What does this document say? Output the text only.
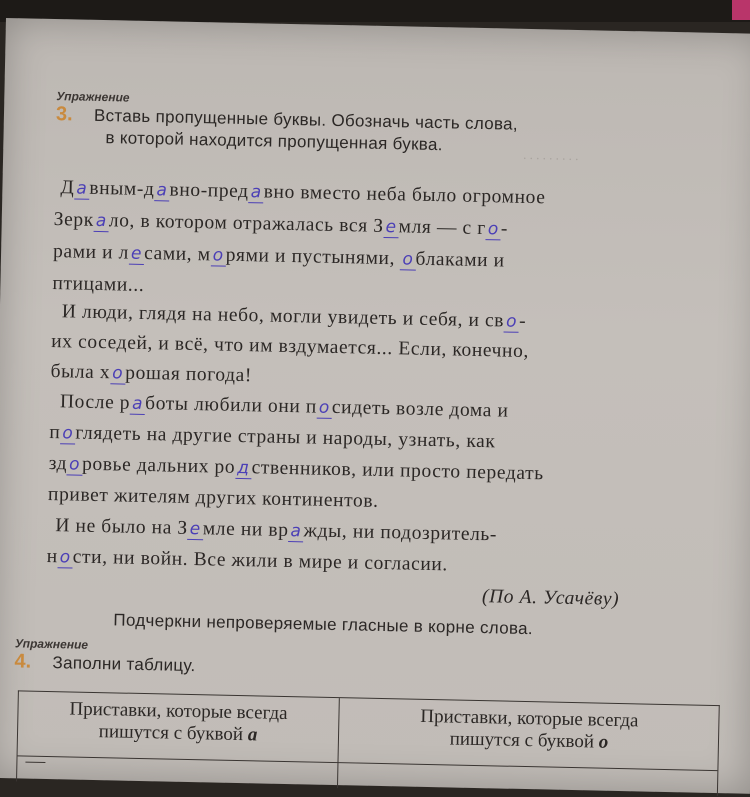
. . . . . . . . .
Упражнение
3. Вставь пропущенные буквы. Обозначь часть слова,
в которой находится пропущенная буква.
Давным-давно-предавно вместо неба было огромное
Зеркало, в котором отражалась вся Земля — с го-
рами и лесами, морями и пустынями, облаками и
птицами...
И люди, глядя на небо, могли увидеть и себя, и сво-
их соседей, и всё, что им вздумается... Если, конечно,
была хорошая погода!
После работы любили они посидеть возле дома и
поглядеть на другие страны и народы, узнать, как
здоровье дальних родственников, или просто передать
привет жителям других континентов.
И не было на Земле ни вражды, ни подозритель-
ности, ни войн. Все жили в мире и согласии.
(По А. Усачёву)
Подчеркни непроверяемые гласные в корне слова.
Упражнение
4. Заполни таблицу.
Приставки, которые всегда
пишутся с буквой а
Приставки, которые всегда
пишутся с буквой о
